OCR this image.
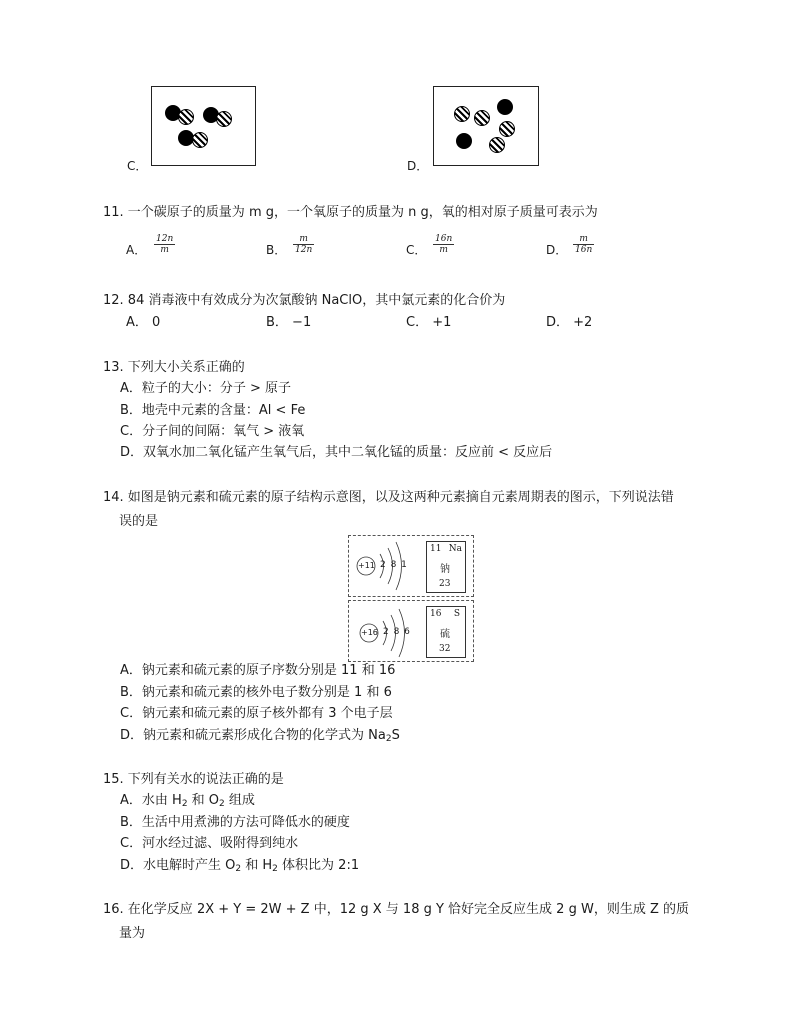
C．	D．
11. 一个碳原子的质量为 m g，一个氧原子的质量为 n g，氧的相对原子质量可表示为
A． $\frac{12n}{m}$	B． $\frac{m}{12n}$	C． $\frac{16n}{m}$	D． $\frac{m}{16n}$
12. 84 消毒液中有效成分为次氯酸钠 NaClO，其中氯元素的化合价为
A． 0	B． −1	C． +1	D． +2
13. 下列大小关系正确的
A．粒子的大小：分子 > 原子
B．地壳中元素的含量：Al < Fe
C．分子间的间隔：氧气 > 液氧
D．双氧水加二氧化锰产生氧气后，其中二氧化锰的质量：反应前 < 反应后
14. 如图是钠元素和硫元素的原子结构示意图，以及这两种元素摘自元素周期表的图示，下列说法错
误的是
+11 2 8 1
11 Na
钠
23
+16 2 8 6
16 S
硫
32
A．钠元素和硫元素的原子序数分别是 11 和 16
B．钠元素和硫元素的核外电子数分别是 1 和 6
C．钠元素和硫元素的原子核外都有 3 个电子层
D．钠元素和硫元素形成化合物的化学式为 $Na_2S$
15. 下列有关水的说法正确的是
A．水由 $H_2$ 和 $O_2$ 组成
B．生活中用煮沸的方法可降低水的硬度
C．河水经过滤、吸附得到纯水
D．水电解时产生 $O_2$ 和 $H_2$ 体积比为 2:1
16. 在化学反应 2X + Y = 2W + Z 中，12 g X 与 18 g Y 恰好完全反应生成 2 g W，则生成 Z 的质
量为
